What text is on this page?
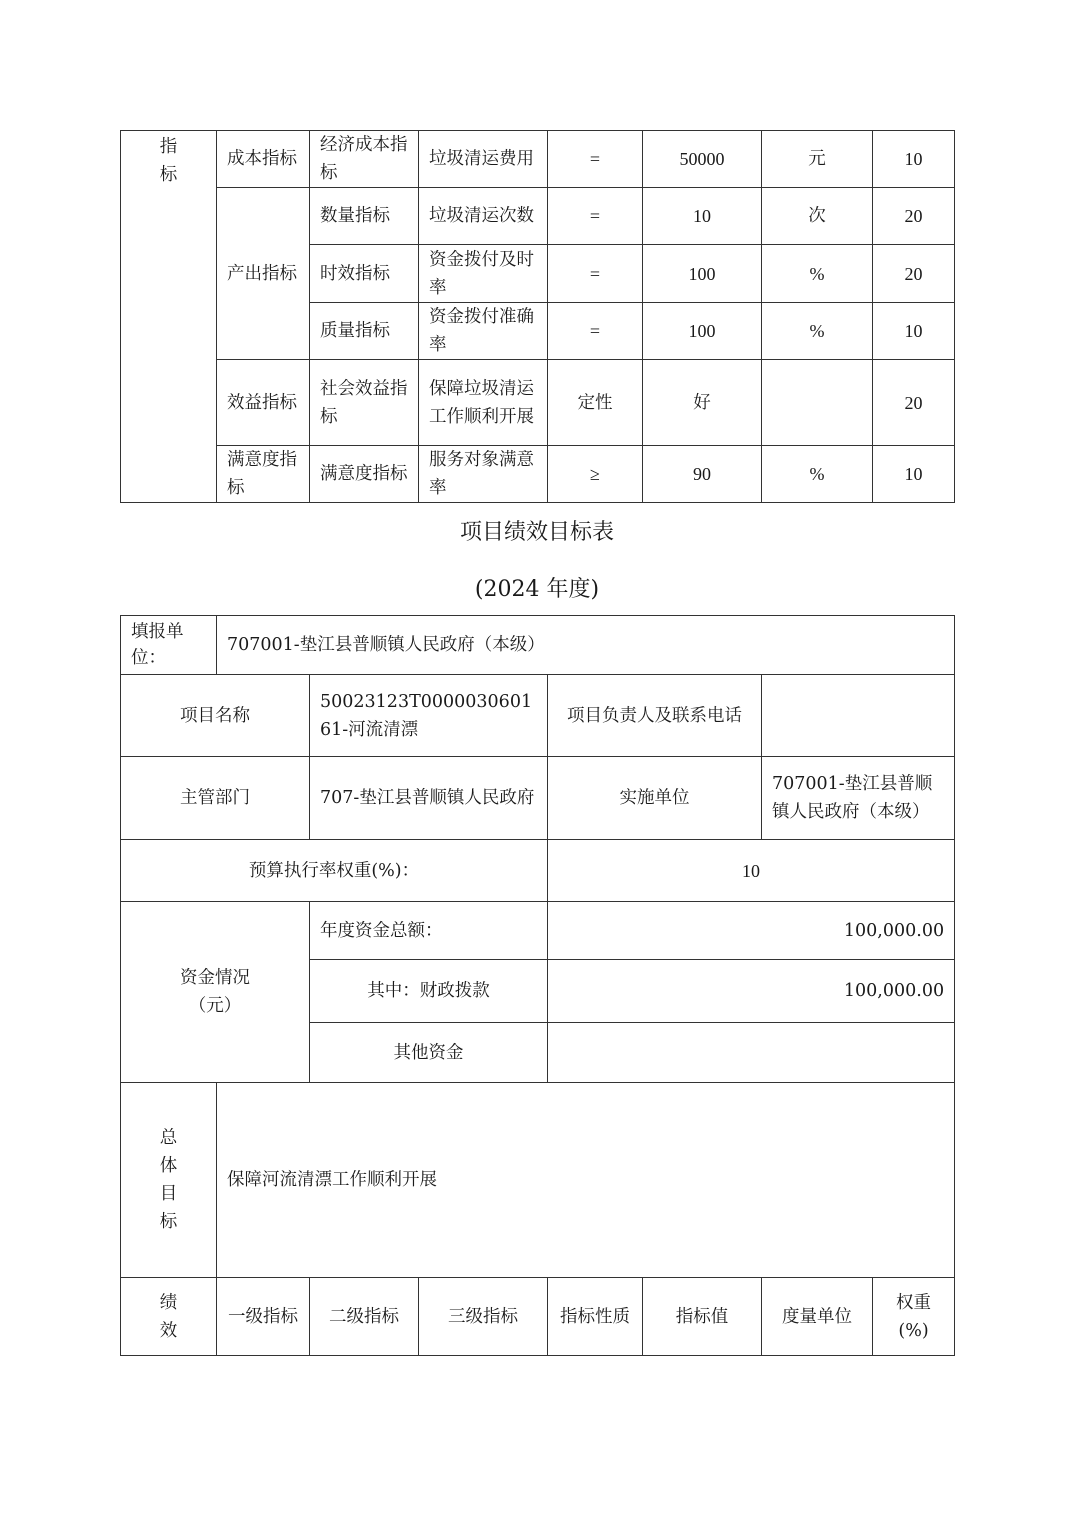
指
标	成本指标	经济成本指标	垃圾清运费用	=	50000	元	10
	产出指标	数量指标	垃圾清运次数	=	10	次	20
		时效指标	资金拨付及时率	=	100	%	20
		质量指标	资金拨付准确率	=	100	%	10
	效益指标	社会效益指标	保障垃圾清运工作顺利开展	定性	好		20
	满意度指标	满意度指标	服务对象满意率	≥	90	%	10
项目绩效目标表
(2024 年度)
填报单位：	707001-垫江县普顺镇人民政府（本级）						
项目名称		50023123T000003060161-河流清漂		项目负责人及联系电话			
主管部门		707-垫江县普顺镇人民政府		实施单位		707001-垫江县普顺镇人民政府（本级）	
预算执行率权重(%)：				10			
资金情况
（元）		年度资金总额：		100,000.00			
		其中：财政拨款		100,000.00			
		其他资金					
总体目标	保障河流清漂工作顺利开展						
绩效	一级指标	二级指标	三级指标	指标性质	指标值	度量单位	权重(%)
